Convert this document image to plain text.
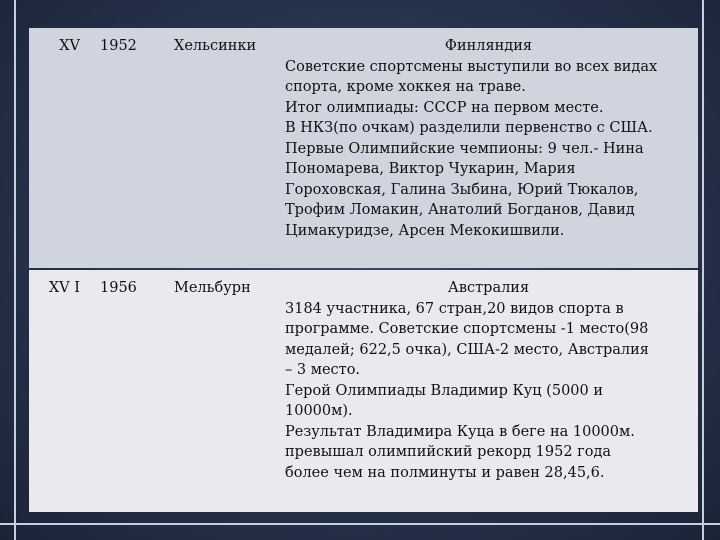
XV	1952	Хельсинки	Финляндия
Советские спортсмены выступили во всех видах
спорта, кроме хоккея на траве.
Итог олимпиады: СССР на первом месте.
В НКЗ(по очкам) разделили первенство с США.
Первые Олимпийские чемпионы: 9 чел.- Нина
Пономарева, Виктор Чукарин, Мария
Гороховская, Галина Зыбина, Юрий Тюкалов,
Трофим Ломакин, Анатолий Богданов, Давид
Цимакуридзе, Арсен Мекокишвили.
XV I	1956	Мельбурн	Австралия
3184 участника, 67 стран,20 видов спорта в
программе. Советские спортсмены -1 место(98
медалей; 622,5 очка), США-2 место, Австралия
– 3 место.
Герой Олимпиады Владимир Куц (5000 и
10000м).
Результат Владимира Куца в беге на 10000м.
превышал олимпийский рекорд 1952 года
более чем на полминуты и равен 28,45,6.
